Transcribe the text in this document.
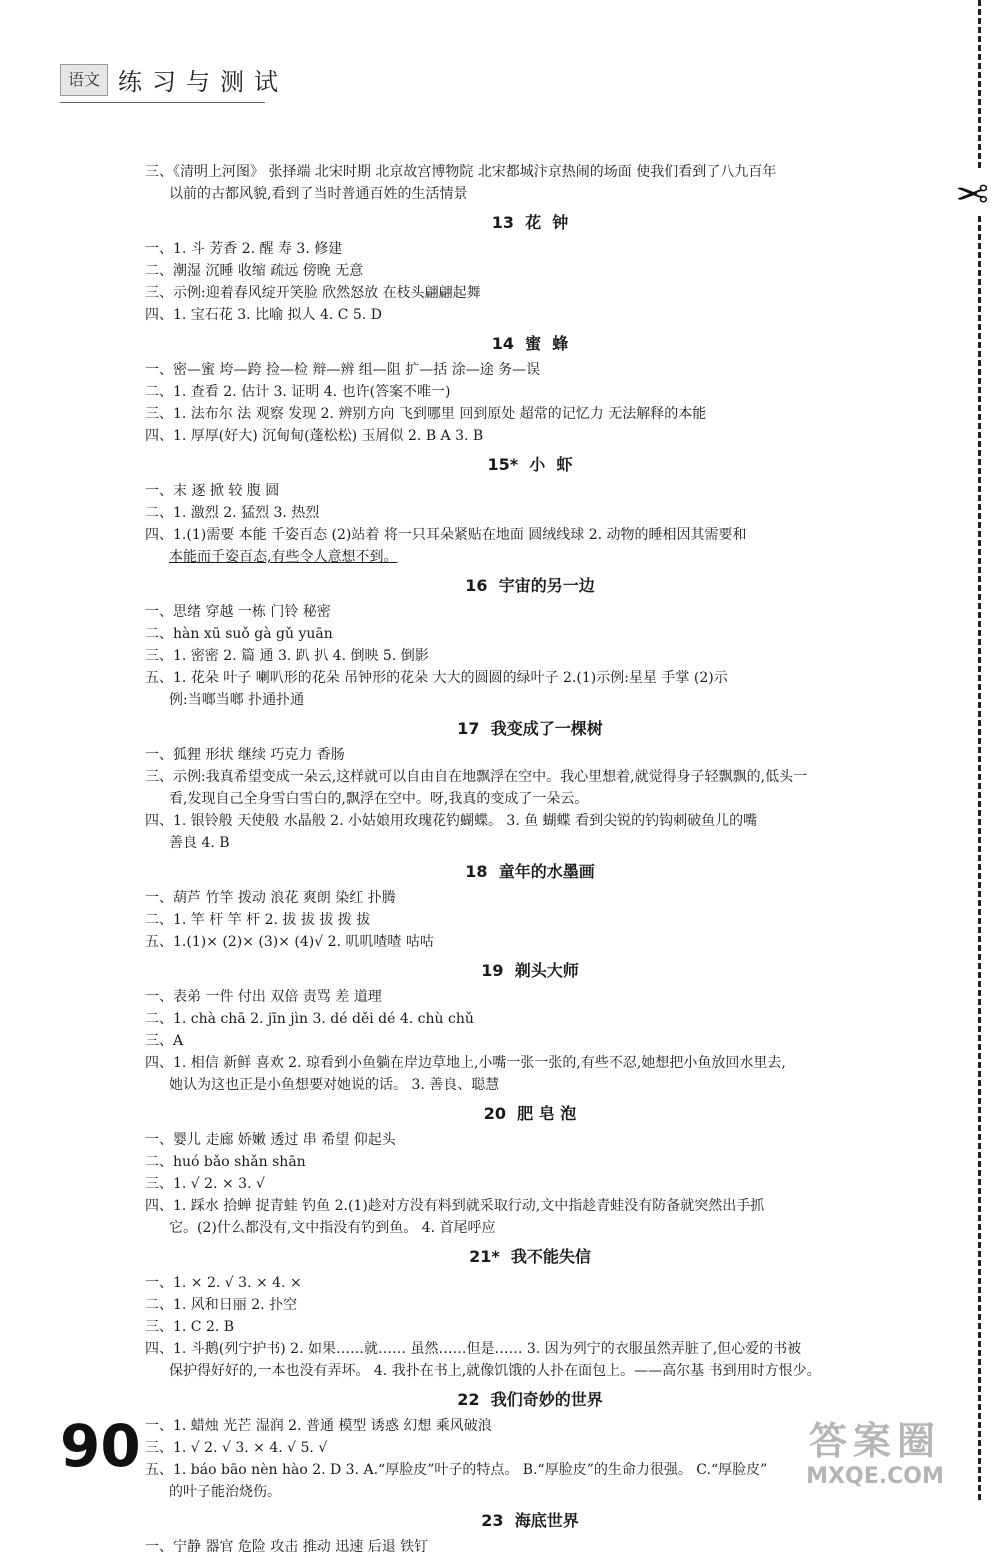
语文 练习与测试
✂
三、《清明上河图》 张择端 北宋时期 北京故宫博物院 北宋都城汴京热闹的场面 使我们看到了八九百年
以前的古都风貌,看到了当时普通百姓的生活情景
13  花  钟
一、1. 斗 芳香 2. 醒 寿 3. 修建
二、潮湿 沉睡 收缩 疏远 傍晚 无意
三、示例:迎着春风绽开笑脸 欣然怒放 在枝头翩翩起舞
四、1. 宝石花 3. 比喻 拟人 4. C 5. D
14  蜜  蜂
一、密—蜜 垮—跨 捡—检 辩—辨 组—阻 扩—括 涂—途 务—误
二、1. 查看 2. 估计 3. 证明 4. 也许(答案不唯一)
三、1. 法布尔 法 观察 发现 2. 辨别方向 飞到哪里 回到原处 超常的记忆力 无法解释的本能
四、1. 厚厚(好大) 沉甸甸(蓬松松) 玉屑似 2. B A 3. B
15*  小  虾
一、末 逐 掀 较 腹 圆
二、1. 激烈 2. 猛烈 3. 热烈
四、1.(1)需要 本能 千姿百态 (2)站着 将一只耳朵紧贴在地面 圆绒线球 2. 动物的睡相因其需要和
本能而千姿百态,有些令人意想不到。
16  宇宙的另一边
一、思绪 穿越 一栋 门铃 秘密
二、hàn xū suǒ gà gǔ yuān
三、1. 密密 2. 篇 通 3. 趴 扒 4. 倒映 5. 倒影
五、1. 花朵 叶子 喇叭形的花朵 吊钟形的花朵 大大的圆圆的绿叶子 2.(1)示例:星星 手掌 (2)示
例:当啷当啷 扑通扑通
17  我变成了一棵树
一、狐狸 形状 继续 巧克力 香肠
三、示例:我真希望变成一朵云,这样就可以自由自在地飘浮在空中。我心里想着,就觉得身子轻飘飘的,低头一
看,发现自己全身雪白雪白的,飘浮在空中。呀,我真的变成了一朵云。
四、1. 银铃般 天使般 水晶般 2. 小姑娘用玫瑰花钓蝴蝶。 3. 鱼 蝴蝶 看到尖锐的钓钩刺破鱼儿的嘴
善良 4. B
18  童年的水墨画
一、葫芦 竹竿 拨动 浪花 爽朗 染红 扑腾
二、1. 竿 杆 竿 杆 2. 拔 拔 拔 拨 拔
五、1.(1)× (2)× (3)× (4)√ 2. 叽叽喳喳 咕咕
19  剃头大师
一、表弟 一件 付出 双倍 责骂 差 道理
二、1. chà chā 2. jīn jìn 3. dé děi dé 4. chù chǔ
三、A
四、1. 相信 新鲜 喜欢 2. 琼看到小鱼躺在岸边草地上,小嘴一张一张的,有些不忍,她想把小鱼放回水里去,
她认为这也正是小鱼想要对她说的话。 3. 善良、聪慧
20  肥 皂 泡
一、婴儿 走廊 娇嫩 透过 串 希望 仰起头
二、huó bǎo shǎn shān
三、1. √ 2. × 3. √
四、1. 踩水 拾蝉 捉青蛙 钓鱼 2.(1)趁对方没有料到就采取行动,文中指趁青蛙没有防备就突然出手抓
它。(2)什么都没有,文中指没有钓到鱼。 4. 首尾呼应
21*  我不能失信
一、1. × 2. √ 3. × 4. ×
二、1. 风和日丽 2. 扑空
三、1. C 2. B
四、1. 斗鹅(列宁护书) 2. 如果……就…… 虽然……但是…… 3. 因为列宁的衣服虽然弄脏了,但心爱的书被
保护得好好的,一本也没有弄坏。 4. 我扑在书上,就像饥饿的人扑在面包上。——高尔基 书到用时方恨少。
22  我们奇妙的世界
一、1. 蜡烛 光芒 湿润 2. 普通 模型 诱惑 幻想 乘风破浪
三、1. √ 2. √ 3. × 4. √ 5. √
五、1. báo bāo nèn hào 2. D 3. A.“厚脸皮”叶子的特点。 B.“厚脸皮”的生命力很强。 C.“厚脸皮”
的叶子能治烧伤。
23  海底世界
一、宁静 器官 危险 攻击 推动 迅速 后退 铁钉
90	答案圈
MXQE.COM
